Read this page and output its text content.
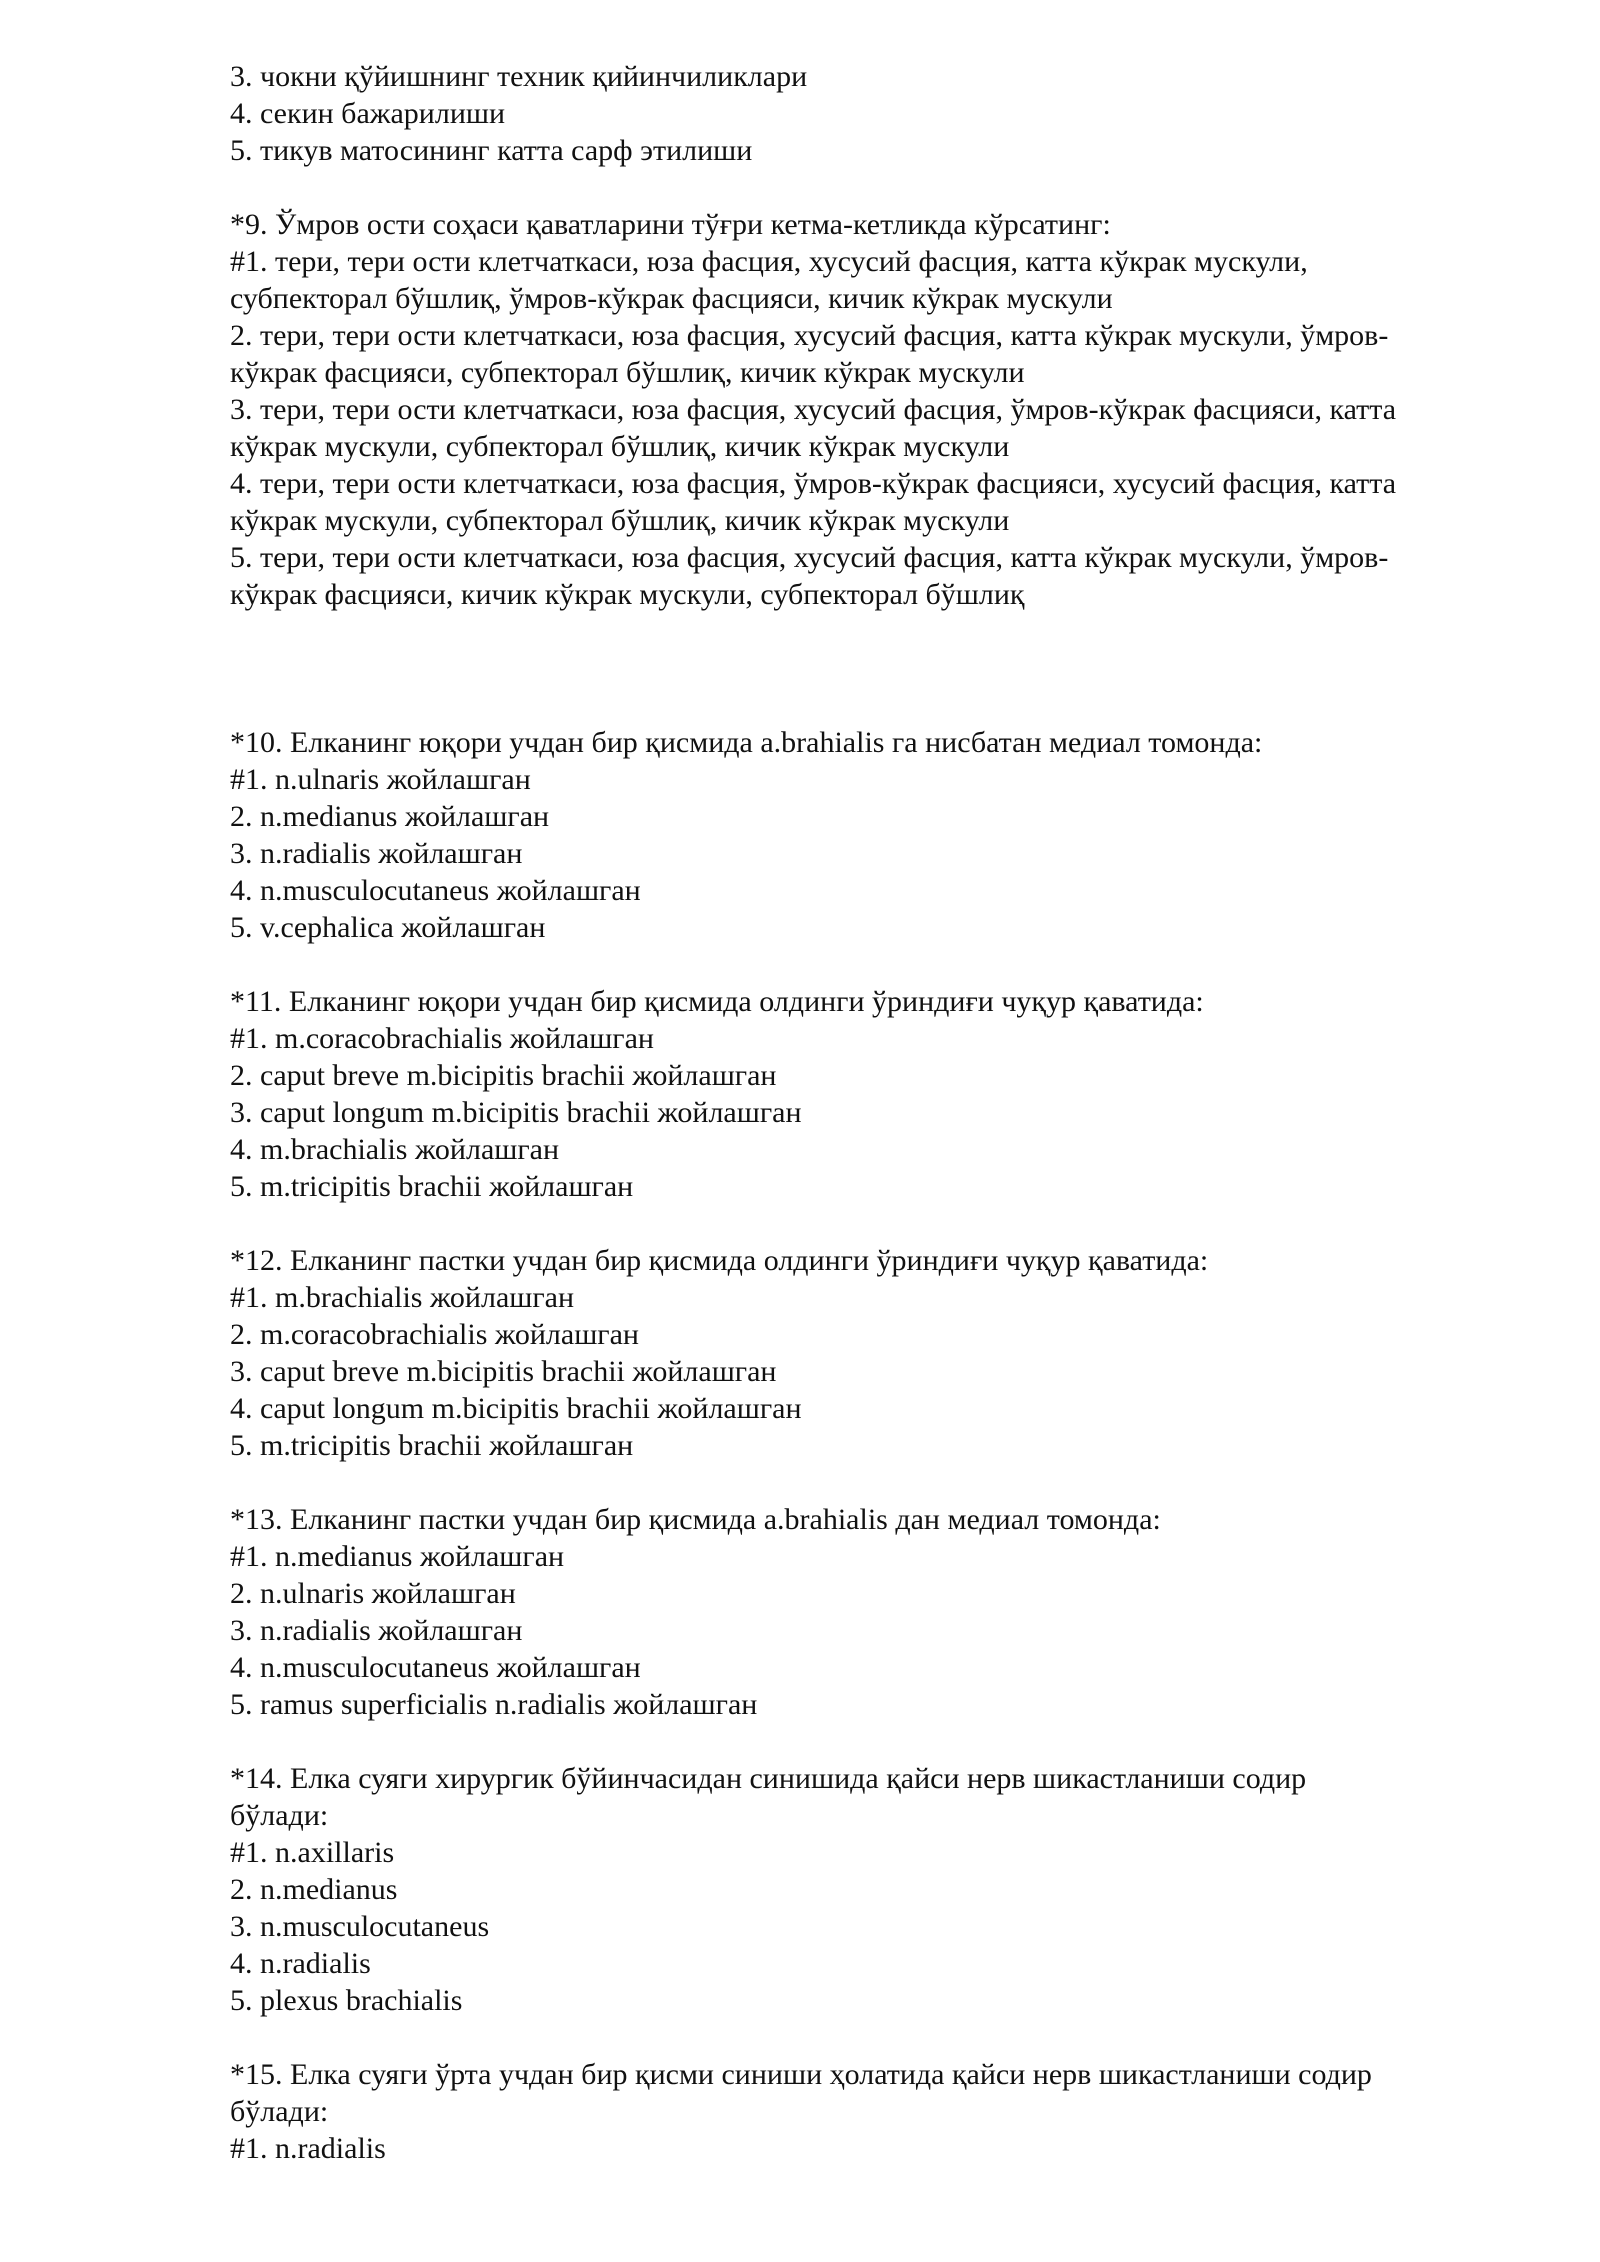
3. чокни қўйишнинг техник қийинчиликлари
4. секин бажарилиши
5. тикув матосининг катта сарф этилиши
*9. Ўмров ости соҳаси қаватларини тўғри кетма-кетликда кўрсатинг:
#1. тери, тери ости клетчаткаси, юза фасция, хусусий фасция, катта кўкрак мускули,
субпекторал бўшлиқ, ўмров-кўкрак фасцияси, кичик кўкрак мускули
2. тери, тери ости клетчаткаси, юза фасция, хусусий фасция, катта кўкрак мускули, ўмров-
кўкрак фасцияси, субпекторал бўшлиқ, кичик кўкрак мускули
3. тери, тери ости клетчаткаси, юза фасция, хусусий фасция, ўмров-кўкрак фасцияси, катта
кўкрак мускули, субпекторал бўшлиқ, кичик кўкрак мускули
4. тери, тери ости клетчаткаси, юза фасция, ўмров-кўкрак фасцияси, хусусий фасция, катта
кўкрак мускули, субпекторал бўшлиқ, кичик кўкрак мускули
5. тери, тери ости клетчаткаси, юза фасция, хусусий фасция, катта кўкрак мускули, ўмров-
кўкрак фасцияси, кичик кўкрак мускули, субпекторал бўшлиқ
*10. Елканинг юқори учдан бир қисмида a.brahialis га нисбатан медиал томонда:
#1. n.ulnaris жойлашган
2. n.medianus жойлашган
3. n.radialis жойлашган
4. n.musculocutaneus жойлашган
5. v.cephalica жойлашган
*11. Елканинг юқори учдан бир қисмида олдинги ўриндиғи чуқур қаватида:
#1. m.coracobrachialis жойлашган
2. caput breve m.bicipitis brachii жойлашган
3. caput longum m.bicipitis brachii жойлашган
4. m.brachialis жойлашган
5. m.tricipitis brachii жойлашган
*12. Елканинг пастки учдан бир қисмида олдинги ўриндиғи чуқур қаватида:
#1. m.brachialis жойлашган
2. m.coracobrachialis жойлашган
3. caput breve m.bicipitis brachii жойлашган
4. caput longum m.bicipitis brachii жойлашган
5. m.tricipitis brachii жойлашган
*13. Елканинг пастки учдан бир қисмида a.brahialis дан медиал томонда:
#1. n.medianus жойлашган
2. n.ulnaris жойлашган
3. n.radialis жойлашган
4. n.musculocutaneus жойлашган
5. ramus superficialis n.radialis жойлашган
*14. Елка суяги хирургик бўйинчасидан синишида қайси нерв шикастланиши содир
бўлади:
#1. n.axillaris
2. n.medianus
3. n.musculocutaneus
4. n.radialis
5. plexus brachialis
*15. Елка суяги ўрта учдан бир қисми синиши ҳолатида қайси нерв шикастланиши содир
бўлади:
#1. n.radialis
